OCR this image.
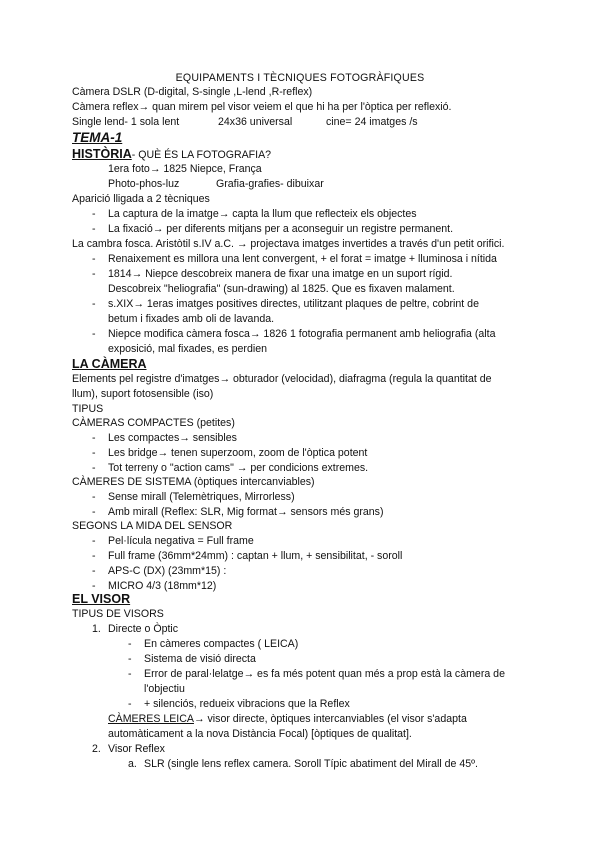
EQUIPAMENTS I TÈCNIQUES FOTOGRÀFIQUES
Càmera DSLR (D-digital, S-single ,L-lend ,R-reflex)
Càmera reflex→ quan mirem pel visor veiem el que hi ha per l'òptica per reflexió.
Single lend- 1 sola lent	24x36 universal	cine= 24 imatges /s
TEMA-1
HISTÒRIA- QUÈ ÉS LA FOTOGRAFIA?
1era foto→ 1825 Niepce, França
Photo-phos-luz	Grafia-grafies- dibuixar
Aparició lligada a 2 tècniques
- La captura de la imatge→ capta la llum que reflecteix els objectes
- La fixació→ per diferents mitjans per a aconseguir un registre permanent.
La cambra fosca. Aristòtil s.IV a.C. → projectava imatges invertides a través d'un petit orifici.
- Renaixement es millora una lent convergent, + el forat = imatge + lluminosa i nítida
- 1814→ Niepce descobreix manera de fixar una imatge en un suport rígid.
Descobreix "heliografia" (sun-drawing) al 1825. Que es fixaven malament.
- s.XIX→ 1eras imatges positives directes, utilitzant plaques de peltre, cobrint de
betum i fixades amb oli de lavanda.
- Niepce modifica càmera fosca→ 1826 1 fotografia permanent amb heliografia (alta
exposició, mal fixades, es perdien
LA CÀMERA
Elements pel registre d'imatges→ obturador (velocidad), diafragma (regula la quantitat de
llum), suport fotosensible (iso)
TIPUS
CÀMERAS COMPACTES (petites)
- Les compactes→ sensibles
- Les bridge→ tenen superzoom, zoom de l'òptica potent
- Tot terreny o "action cams" → per condicions extremes.
CÀMERES DE SISTEMA (òptiques intercanviables)
- Sense mirall (Telemètriques, Mirrorless)
- Amb mirall (Reflex: SLR, Mig format→ sensors més grans)
SEGONS LA MIDA DEL SENSOR
- Pel·lícula negativa = Full frame
- Full frame (36mm*24mm) : captan + llum, + sensibilitat, - soroll
- APS-C (DX) (23mm*15) :
- MICRO 4/3 (18mm*12)
EL VISOR
TIPUS DE VISORS
1. Directe o Òptic
- En càmeres compactes ( LEICA)
- Sistema de visió directa
- Error de paral·lelatge→ es fa més potent quan més a prop està la càmera de
l'objectiu
- + silenciós, redueix vibracions que la Reflex
CÀMERES LEICA→ visor directe, òptiques intercanviables (el visor s'adapta
automàticament a la nova Distància Focal) [òptiques de qualitat].
2. Visor Reflex
a. SLR (single lens reflex camera. Soroll Típic abatiment del Mirall de 45º.
